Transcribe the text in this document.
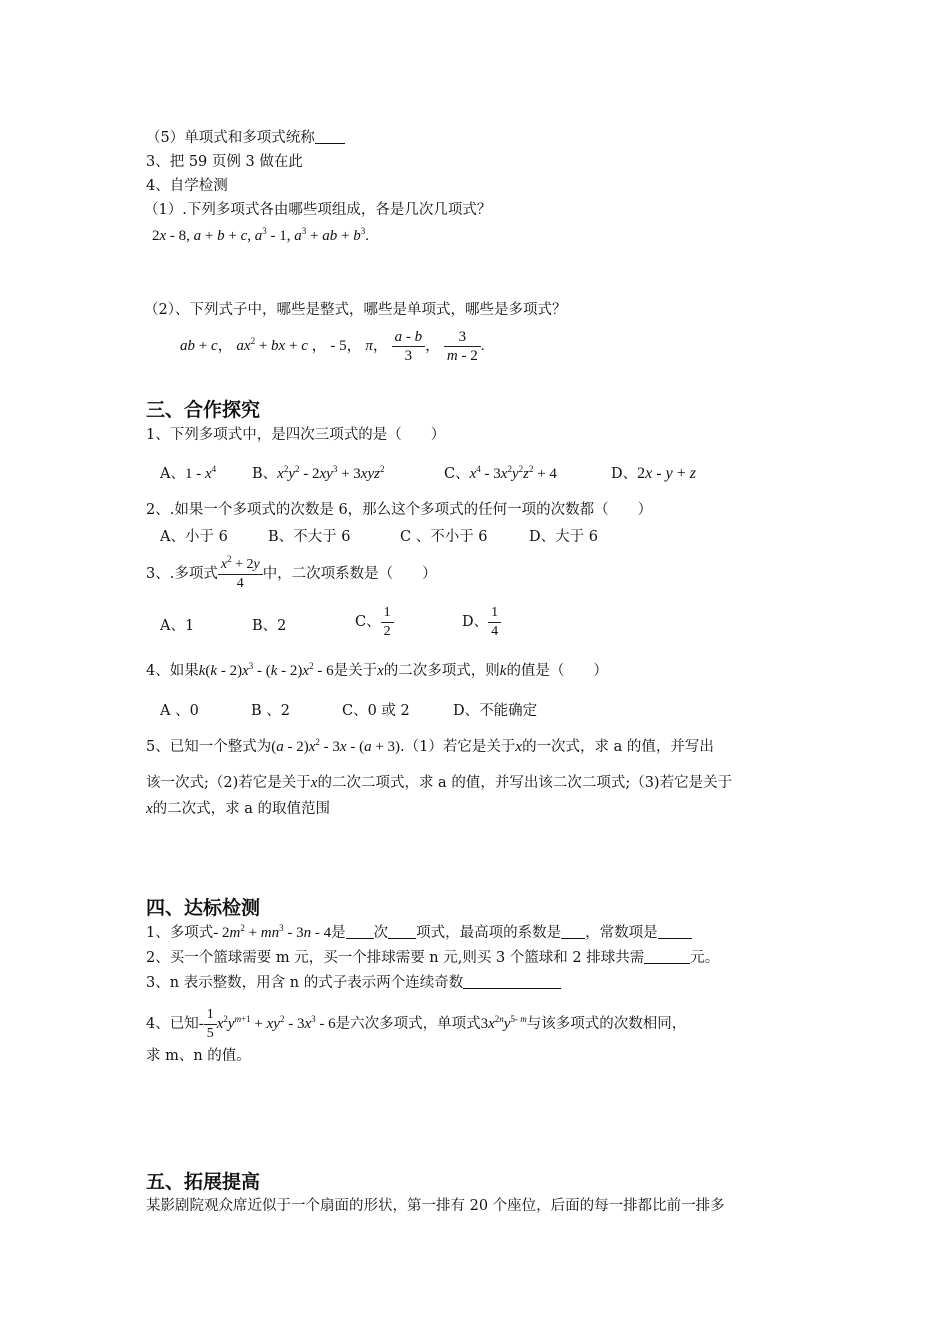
（5）单项式和多项式统称
3、把 59 页例 3 做在此
4、自学检测
（1）.下列多项式各由哪些项组成，各是几次几项式？
2x - 8, a + b + c, $a^3 - 1$, $a^3$ + ab + $b^3$.
（2）、下列式子中，哪些是整式，哪些是单项式，哪些是多项式？
ab + c， $ax^2$ + bx + c ， - 5， π， $\frac{a - b}{3}$ ， $\frac{3}{m - 2}$ .
三、合作探究
1、下列多项式中，是四次三项式的是（　　）
A、$1 - x^4$ B、$x^2y^2 - 2xy^3 + 3xyz^2$	C、$x^4 - 3x^2y^2z^2 + 4$	D、2x - y + z
2、.如果一个多项式的次数是 6，那么这个多项式的任何一项的次数都（　　）
A、小于 6	B、不大于 6	C 、不小于 6	D、大于 6
3、.多项式 $\frac{x^2 + 2y}{4}$ 中，二次项系数是（　　）
A、1	B、2	C、 $\frac{1}{2}$	D、 $\frac{1}{4}$
4、如果$k(k - 2)x^3 - (k - 2)x^2 - 6$是关于x的二次多项式，则k的值是（　　）
A 、0	B 、2	C、0 或 2	D、不能确定
5、已知一个整式为$(a - 2)x^2 - 3x - (a + 3).(1)$若它是关于x的一次式，求 a 的值，并写出
该一次式;（2)若它是关于x的二次二项式，求 a 的值，并写出该二次二项式;（3)若它是关于
x的二次式，求 a 的取值范围
四、达标检测
1、多项式- $2m^2 + mn^3 - 3n - 4$是 次 项式，最高项的系数是 ，常数项是
2、买一个篮球需要 m 元，买一个排球需要 n 元,则买 3 个篮球和 2 排球共需	元。
3、n 表示整数，用含 n 的式子表示两个连续奇数
4、已知- $\frac{1}{5} x^2y^{m+1} + xy^2 - 3x^3 - 6$是六次多项式，单项式$3x^{2n}y^{5- m}$与该多项式的次数相同，
求 m、n 的值。
五、拓展提高
某影剧院观众席近似于一个扇面的形状，第一排有 20 个座位，后面的每一排都比前一排多
